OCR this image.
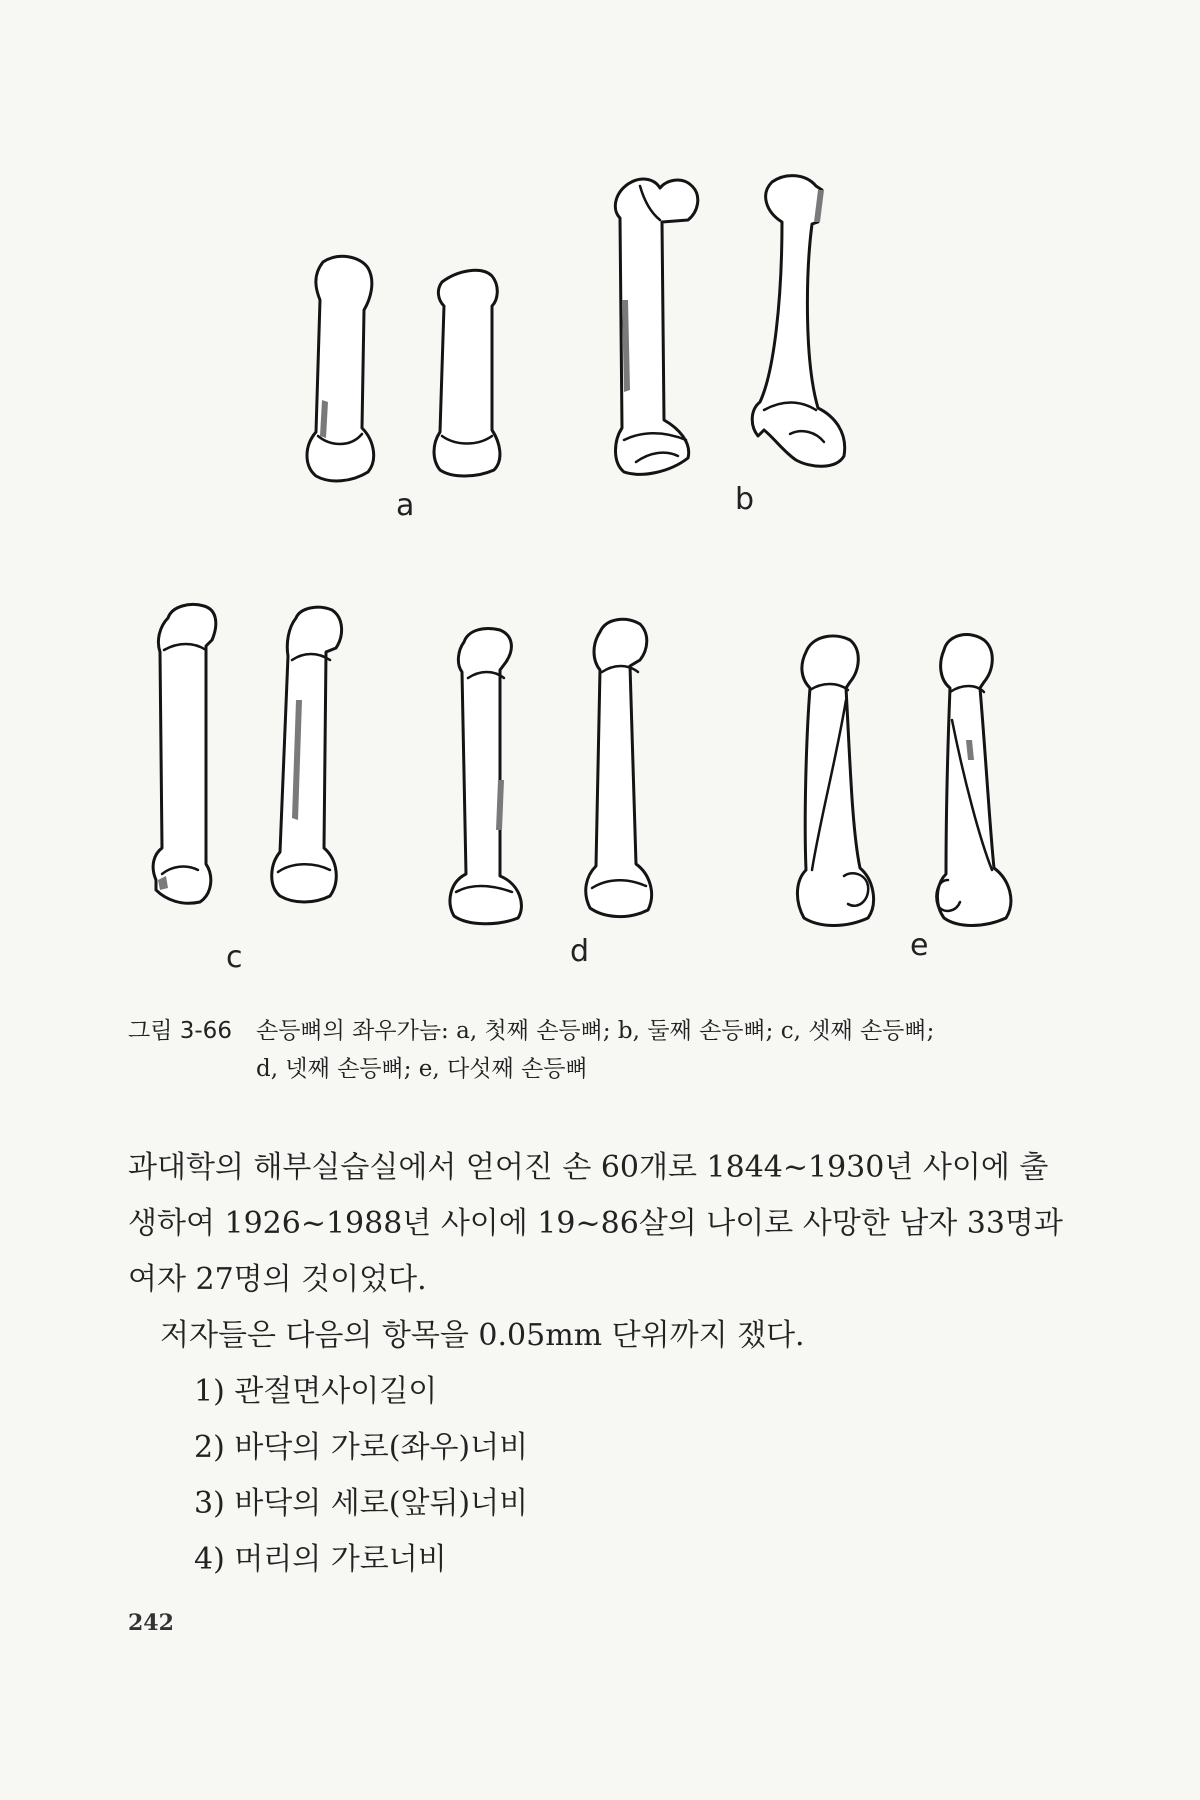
a	b
c	d	e
그림 3-66 손등뼈의 좌우가늠: a, 첫째 손등뼈; b, 둘째 손등뼈; c, 셋째 손등뼈;
d, 넷째 손등뼈; e, 다섯째 손등뼈

과대학의 해부실습실에서 얻어진 손 60개로 1844~1930년 사이에 출

생하여 1926~1988년 사이에 19~86살의 나이로 사망한 남자 33명과

여자 27명의 것이었다.

저자들은 다음의 항목을 0.05mm 단위까지 쟀다.

1) 관절면사이길이
2) 바닥의 가로(좌우)너비
3) 바닥의 세로(앞뒤)너비
4) 머리의 가로너비
242
